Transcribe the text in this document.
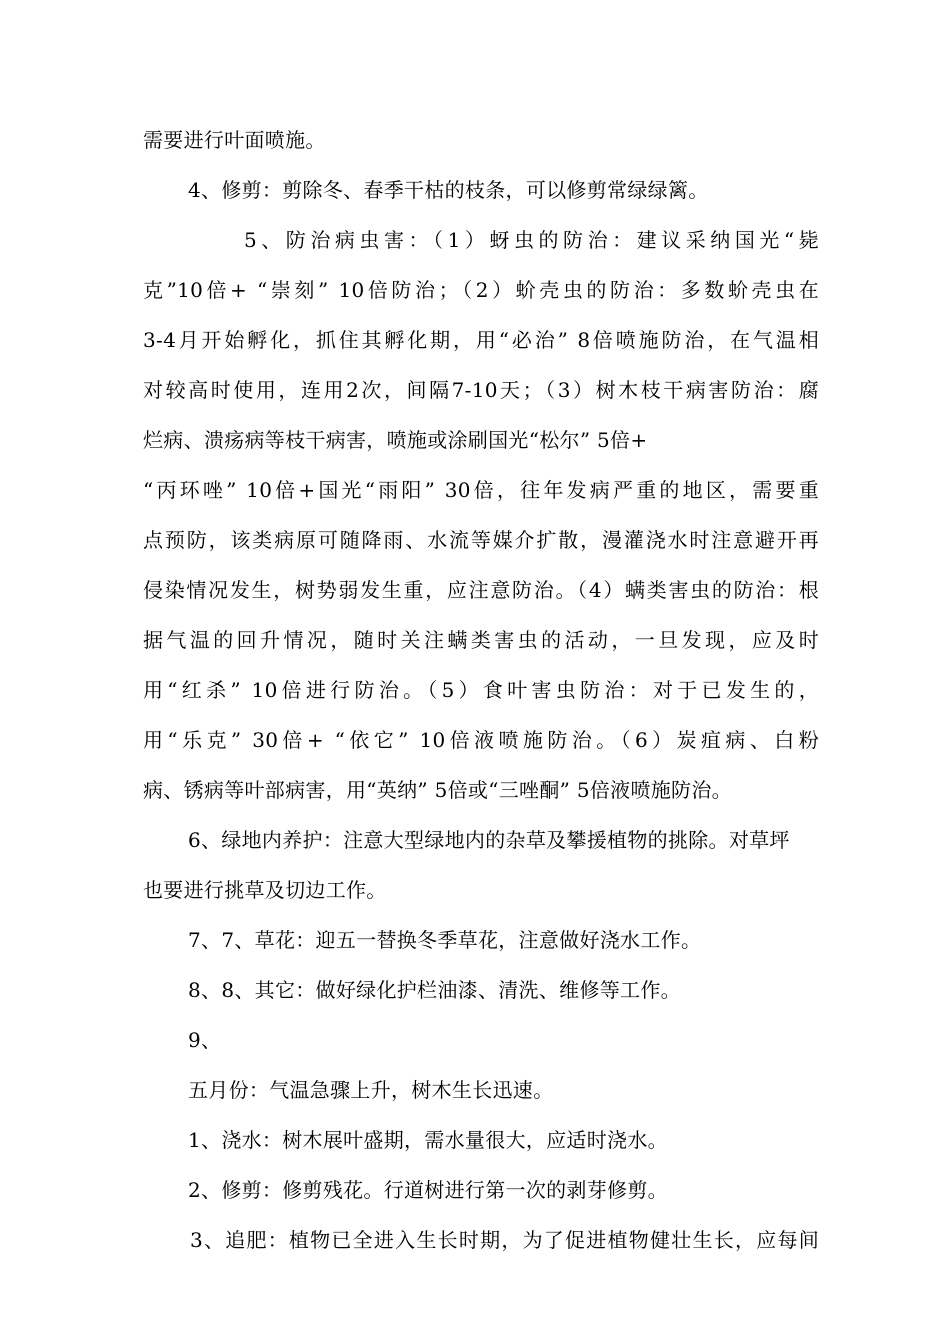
需要进行叶面喷施。
4、修剪：剪除冬、春季干枯的枝条，可以修剪常绿绿篱。
5、防治病虫害：（1）蚜虫的防治：建议采纳国光“毙
克”10倍+ “崇刻” 10倍防治；（2）蚧壳虫的防治：多数蚧壳虫在
3-4月开始孵化，抓住其孵化期，用“必治” 8倍喷施防治，在气温相
对较高时使用，连用2次，间隔7-10天；（3）树木枝干病害防治：腐
烂病、溃疡病等枝干病害，喷施或涂刷国光“松尔” 5倍+
“丙环唑” 10倍+国光“雨阳” 30倍，往年发病严重的地区，需要重
点预防，该类病原可随降雨、水流等媒介扩散，漫灌浇水时注意避开再
侵染情况发生，树势弱发生重，应注意防治。（4）螨类害虫的防治：根
据气温的回升情况，随时关注螨类害虫的活动，一旦发现，应及时
用“红杀” 10倍进行防治。（5）食叶害虫防治：对于已发生的，
用“乐克” 30倍+ “依它” 10倍液喷施防治。（6）炭疽病、白粉
病、锈病等叶部病害，用“英纳” 5倍或“三唑酮” 5倍液喷施防治。
6、绿地内养护：注意大型绿地内的杂草及攀援植物的挑除。对草坪
也要进行挑草及切边工作。
7、7、草花：迎五一替换冬季草花，注意做好浇水工作。
8、8、其它：做好绿化护栏油漆、清洗、维修等工作。
9、
五月份：气温急骤上升，树木生长迅速。
1、浇水：树木展叶盛期，需水量很大，应适时浇水。
2、修剪：修剪残花。行道树进行第一次的剥芽修剪。
3、追肥：植物已全进入生长时期，为了促进植物健壮生长，应每间
